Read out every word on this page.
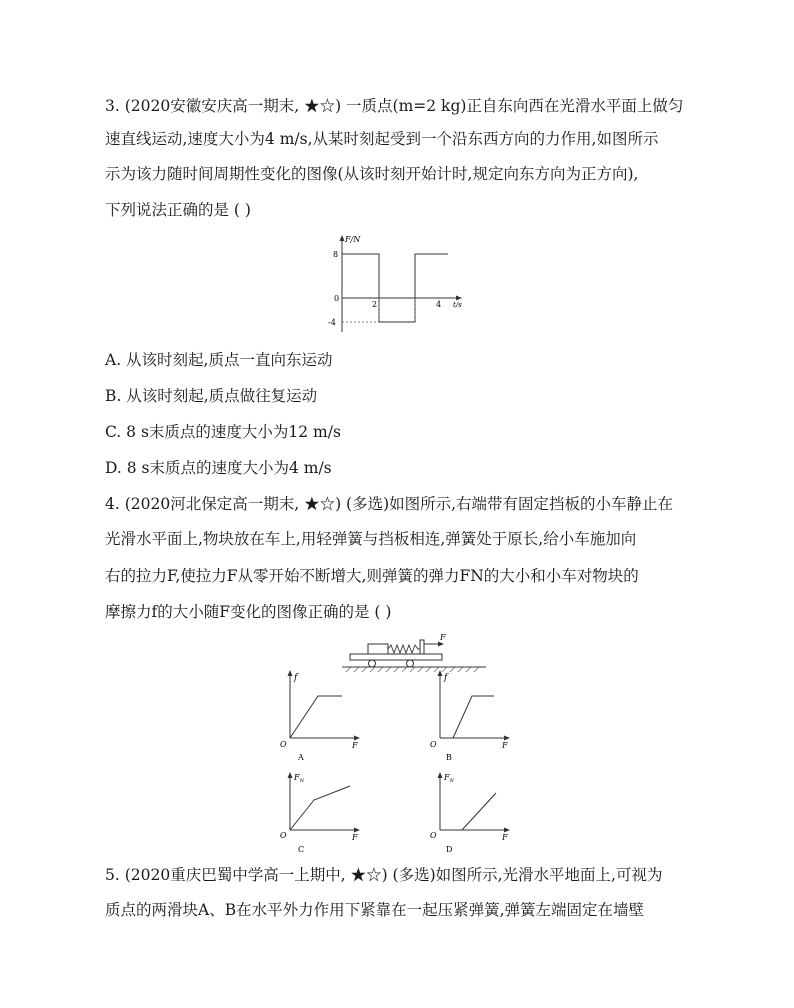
3. (2020安徽安庆高一期末, ★☆) 一质点(m=2 kg)正自东向西在光滑水平面上做匀
速直线运动,速度大小为4 m/s,从某时刻起受到一个沿东西方向的力作用,如图所示
示为该力随时间周期性变化的图像(从该时刻开始计时,规定向东方向为正方向),
下列说法正确的是 ( )
F/N
8
0
-4
2	4 t/s
A. 从该时刻起,质点一直向东运动
B. 从该时刻起,质点做往复运动
C. 8 s末质点的速度大小为12 m/s
D. 8 s末质点的速度大小为4 m/s
4. (2020河北保定高一期末, ★☆) (多选)如图所示,右端带有固定挡板的小车静止在
光滑水平面上,物块放在车上,用轻弹簧与挡板相连,弹簧处于原长,给小车施加向
右的拉力F,使拉力F从零开始不断增大,则弹簧的弹力FN的大小和小车对物块的
摩擦力f的大小随F变化的图像正确的是 ( )
F
f
O	F
A
f
O	F
B
$F_N$
O	F
C
$F_N$
O	F
D
5. (2020重庆巴蜀中学高一上期中, ★☆) (多选)如图所示,光滑水平地面上,可视为
质点的两滑块A、B在水平外力作用下紧靠在一起压紧弹簧,弹簧左端固定在墙壁
